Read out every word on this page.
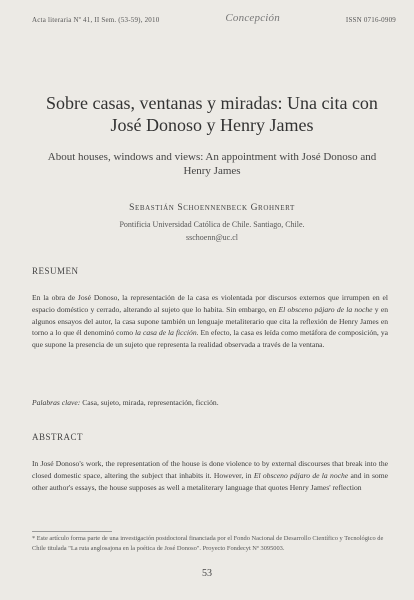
Acta literaria Nº 41, II Sem. (53-59), 2010	Concepción	ISSN 0716-0909
Sobre casas, ventanas y miradas: Una cita con José Donoso y Henry James
About houses, windows and views: An appointment with José Donoso and Henry James
Sebastián Schoennenbeck Grohnert
Pontificia Universidad Católica de Chile. Santiago, Chile.
sschoenn@uc.cl
RESUMEN
En la obra de José Donoso, la representación de la casa es violentada por discursos externos que irrumpen en el espacio doméstico y cerrado, alterando al sujeto que lo habita. Sin embargo, en El obsceno pájaro de la noche y en algunos ensayos del autor, la casa supone también un lenguaje metaliterario que cita la reflexión de Henry James en torno a lo que él denominó como la casa de la ficción. En efecto, la casa es leída como metáfora de composición, ya que supone la presencia de un sujeto que representa la realidad observada a través de la ventana.
Palabras clave: Casa, sujeto, mirada, representación, ficción.
ABSTRACT
In José Donoso's work, the representation of the house is done violence to by external discourses that break into the closed domestic space, altering the subject that inhabits it. However, in El obsceno pájaro de la noche and in some other author's essays, the house supposes as well a metaliterary language that quotes Henry James' reflection
* Este artículo forma parte de una investigación postdoctoral financiada por el Fondo Nacional de Desarrollo Científico y Tecnológico de Chile titulada "La ruta anglosajona en la poética de José Donoso". Proyecto Fondecyt Nº 3095003.
53
